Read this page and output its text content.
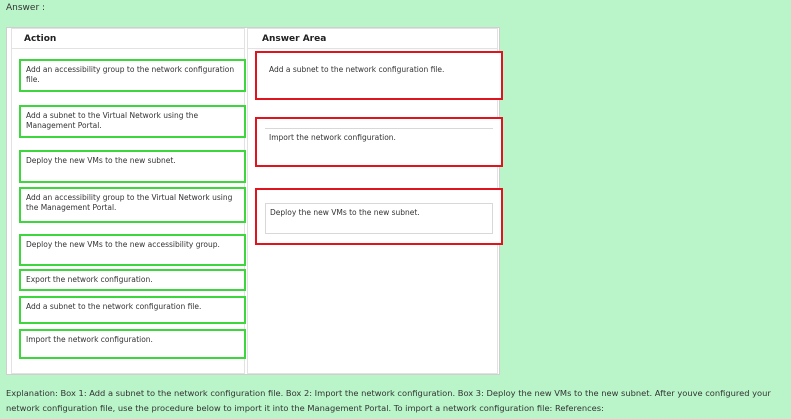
Answer :
Action
Add an accessibility group to the network configuration file.
Add a subnet to the Virtual Network using the Management Portal.
Deploy the new VMs to the new subnet.
Add an accessibility group to the Virtual Network using the Management Portal.
Deploy the new VMs to the new accessibility group.
Export the network configuration.
Add a subnet to the network configuration file.
Import the network configuration.
Answer Area
Add a subnet to the network configuration file.
Import the network configuration.
Deploy the new VMs to the new subnet.
Explanation: Box 1: Add a subnet to the network configuration file. Box 2: Import the network configuration. Box 3: Deploy the new VMs to the new subnet. After youve configured your network configuration file, use the procedure below to import it into the Management Portal. To import a network configuration file: References:
